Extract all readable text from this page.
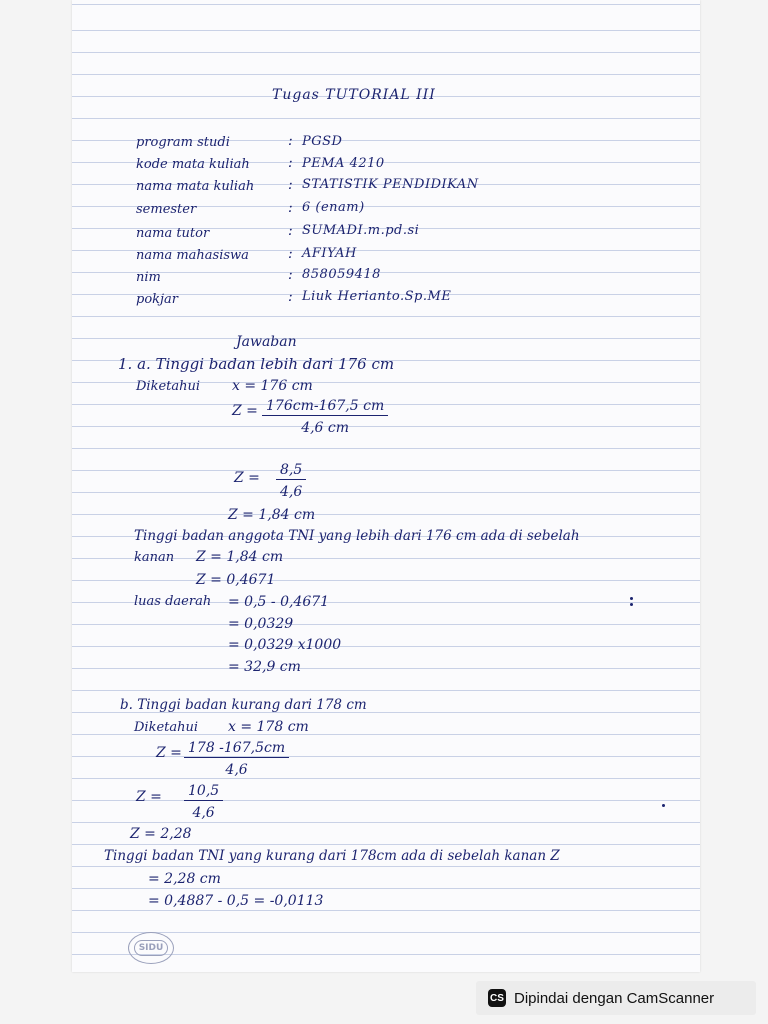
Tugas TUTORIAL III
program studi	: PGSD
kode mata kuliah	: PEMA 4210
nama mata kuliah : STATISTIK PENDIDIKAN
semester	: 6 (enam)
nama tutor	: SUMADI.m.pd.si
nama mahasiswa	: AFIYAH
nim	: 858059418
pokjar	: Liuk Herianto.Sp.ME
Jawaban
1. a. Tinggi badan lebih dari 176 cm
Diketahui x = 176 cm
$Z = \frac{176cm-167,5 cm}{4,6 cm}$
$Z = \frac{8,5}{4,6}$
Z = 1,84 cm
Tinggi badan anggota TNI yang lebih dari 176 cm ada di sebelah
kanan Z = 1,84 cm
Z = 0,4671
luas daerah = 0,5 - 0,4671
= 0,0329
= 0,0329 x1000
= 32,9 cm
b. Tinggi badan kurang dari 178 cm
Diketahui x = 178 cm
$Z = \frac{178 -167,5cm}{4,6}$
$Z = \frac{10,5}{4,6}$
Z = 2,28
Tinggi badan TNI yang kurang dari 178cm ada di sebelah kanan Z
= 2,28 cm
= 0,4887 - 0,5 = -0,0113
SIDU
CS Dipindai dengan CamScanner
